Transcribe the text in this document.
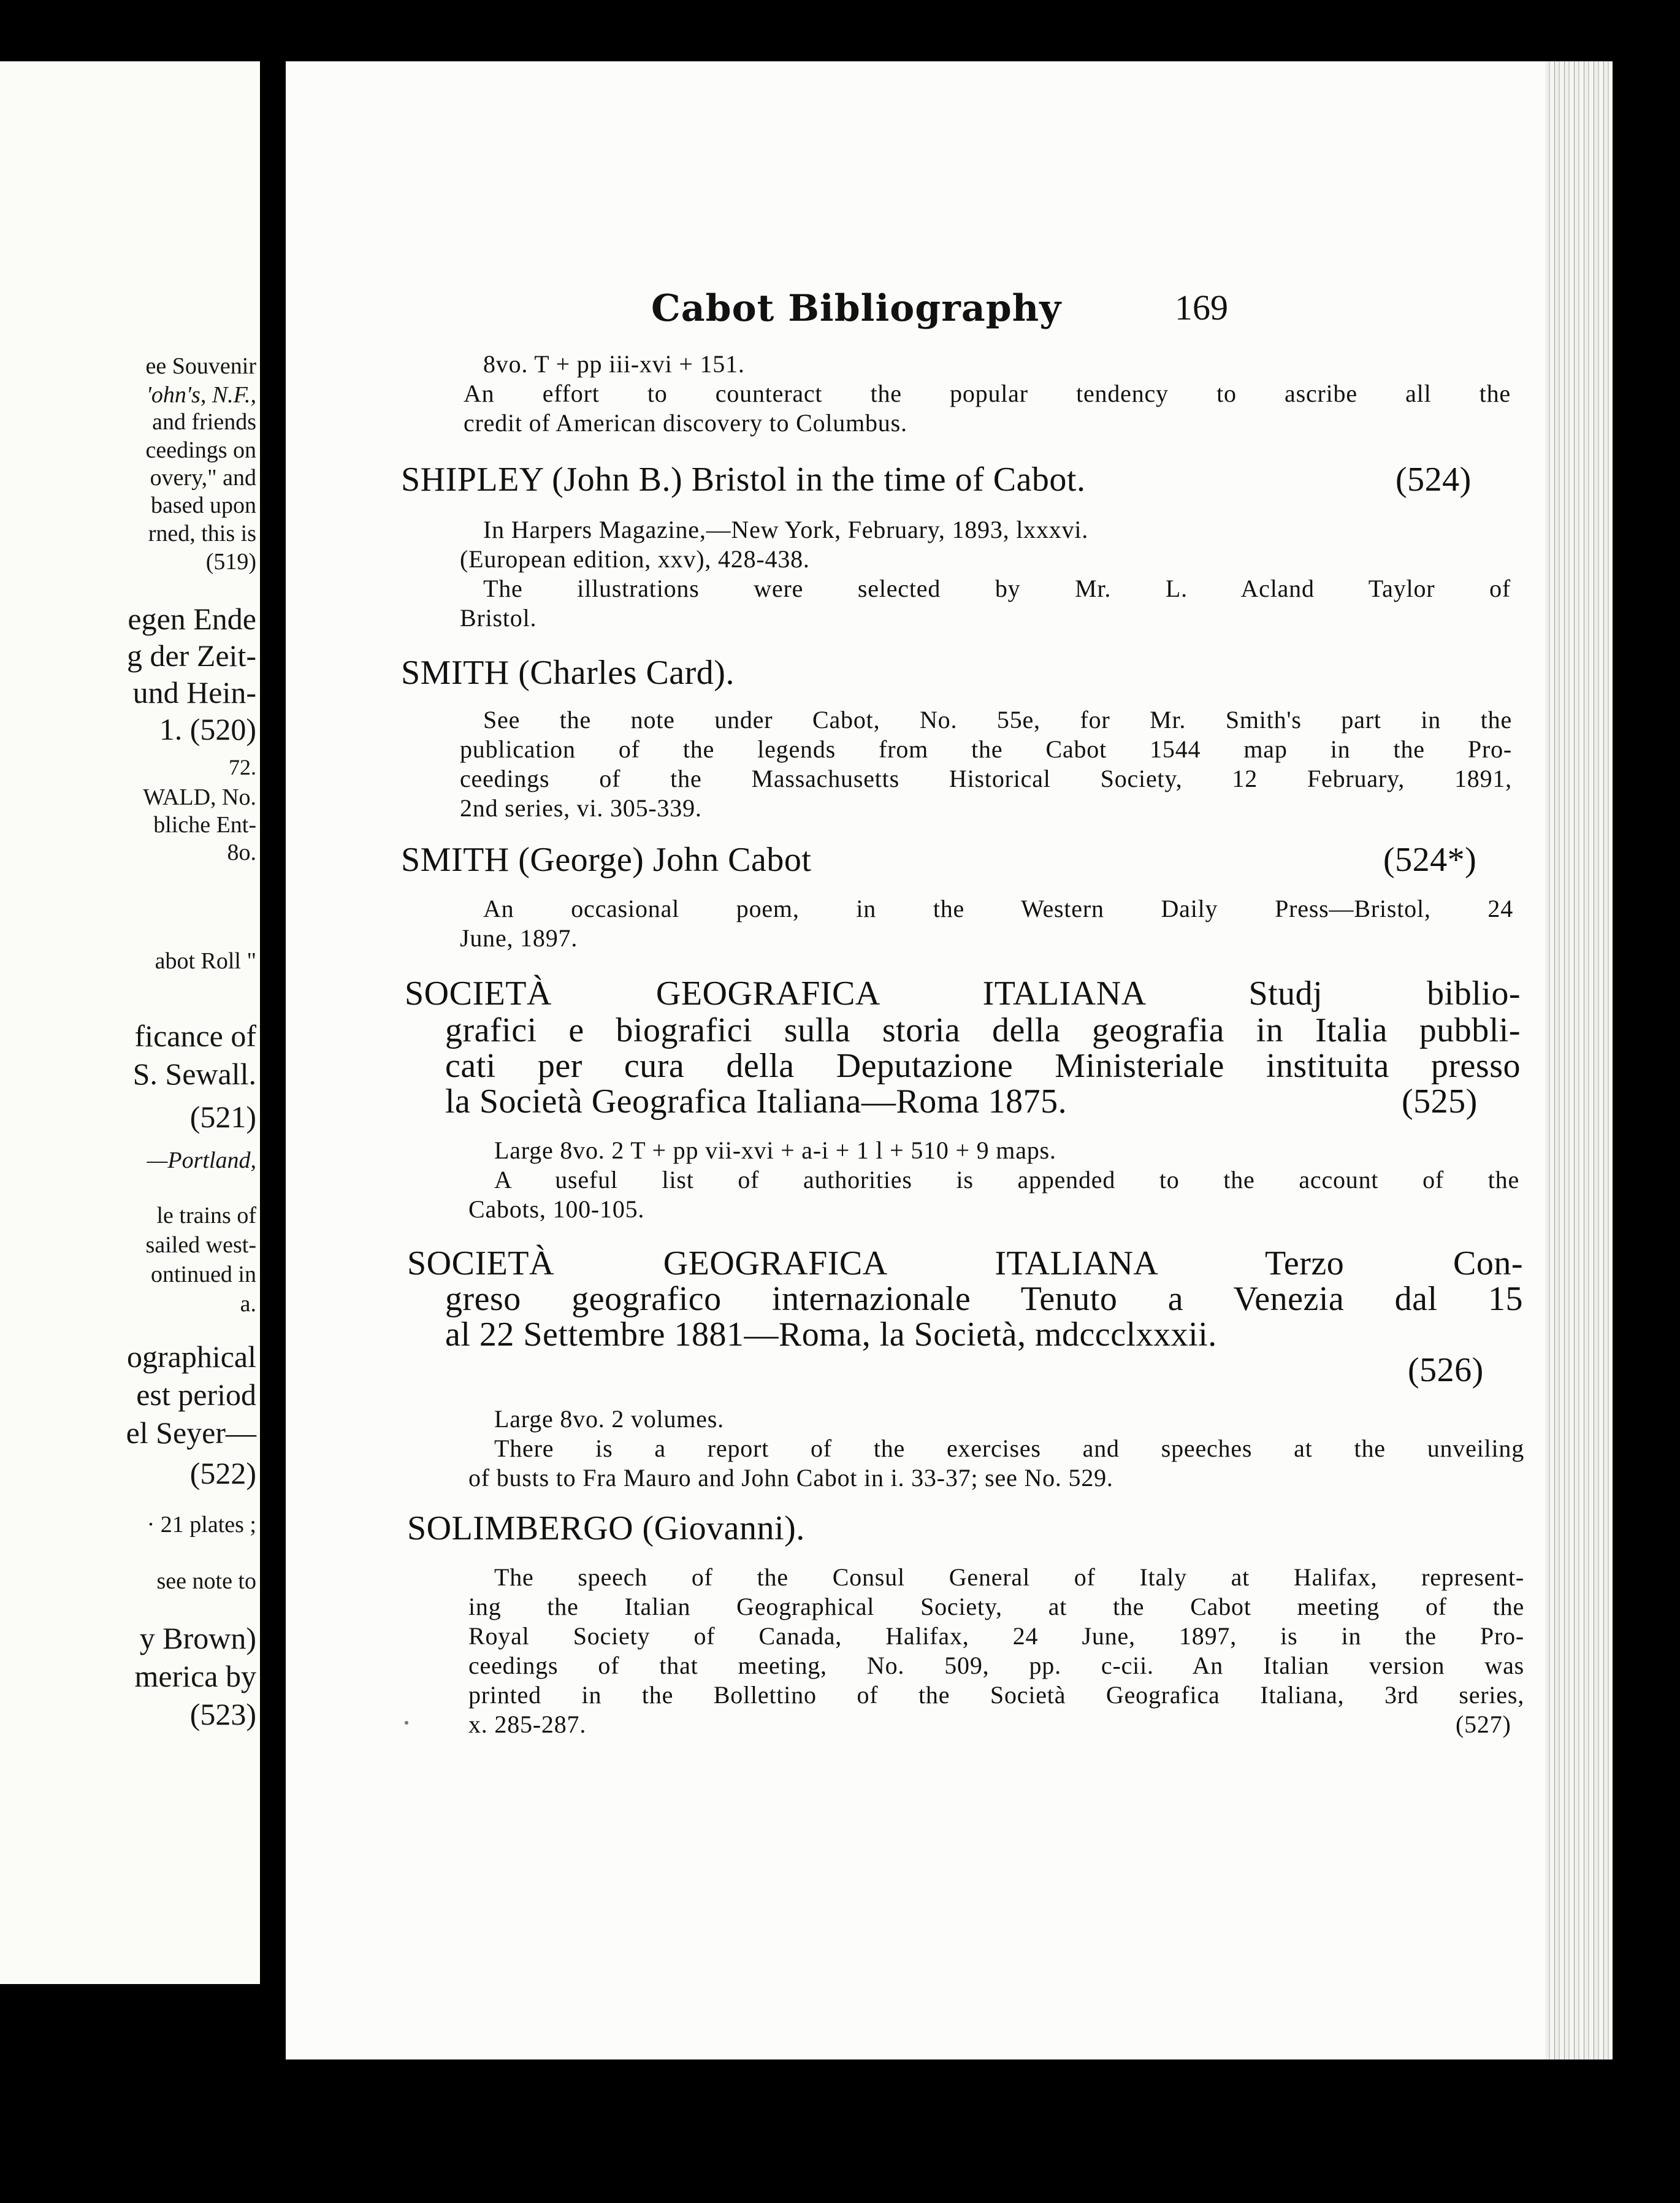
ee Souvenir
'ohn's, N.F.,
and friends
ceedings on
overy," and
based upon
rned, this is
(519)
egen Ende
g der Zeit-
und Hein-
1. (520)
72.
WALD, No.
bliche Ent-
8o.
abot Roll "
ficance of
S. Sewall.
(521)
—Portland,
le trains of
sailed west-
ontinued in
a.
ographical
est period
el Seyer—
(522)
· 21 plates ;
see note to
y Brown)
merica by
(523)
Cabot Bibliography	169
8vo. T + pp iii-xvi + 151.
An effort to counteract the popular tendency to ascribe all the
credit of American discovery to Columbus.
SHIPLEY (John B.) Bristol in the time of Cabot.	(524)
In Harpers Magazine,—New York, February, 1893, lxxxvi.
(European edition, xxv), 428-438.
The illustrations were selected by Mr. L. Acland Taylor of
Bristol.
SMITH (Charles Card).
See the note under Cabot, No. 55e, for Mr. Smith's part in the
publication of the legends from the Cabot 1544 map in the Pro-
ceedings of the Massachusetts Historical Society, 12 February, 1891,
2nd series, vi. 305-339.
SMITH (George) John Cabot	(524*)
An occasional poem, in the Western Daily Press—Bristol, 24
June, 1897.
SOCIETÀ GEOGRAFICA ITALIANA Studj bibliо-
grafici e biografici sulla storia della geografia in Italia pubbli-
cati per cura della Deputazione Ministeriale instituita presso
la Società Geografica Italiana—Roma 1875.	(525)
Large 8vo. 2 T + pp vii-xvi + a-i + 1 l + 510 + 9 maps.
A useful list of authorities is appended to the account of the
Cabots, 100-105.
SOCIETÀ GEOGRAFICA ITALIANA Terzo Con-
greso geografico internazionale Tenuto a Venezia dal 15
al 22 Settembre 1881—Roma, la Società, mdccclxxxii.
(526)
Large 8vo. 2 volumes.
There is a report of the exercises and speeches at the unveiling
of busts to Fra Mauro and John Cabot in i. 33-37; see No. 529.
SOLIMBERGO (Giovanni).
The speech of the Consul General of Italy at Halifax, represent-
ing the Italian Geographical Society, at the Cabot meeting of the
Royal Society of Canada, Halifax, 24 June, 1897, is in the Pro-
ceedings of that meeting, No. 509, pp. c-cii. An Italian version was
printed in the Bollettino of the Società Geografica Italiana, 3rd series,
x. 285-287.	(527)
